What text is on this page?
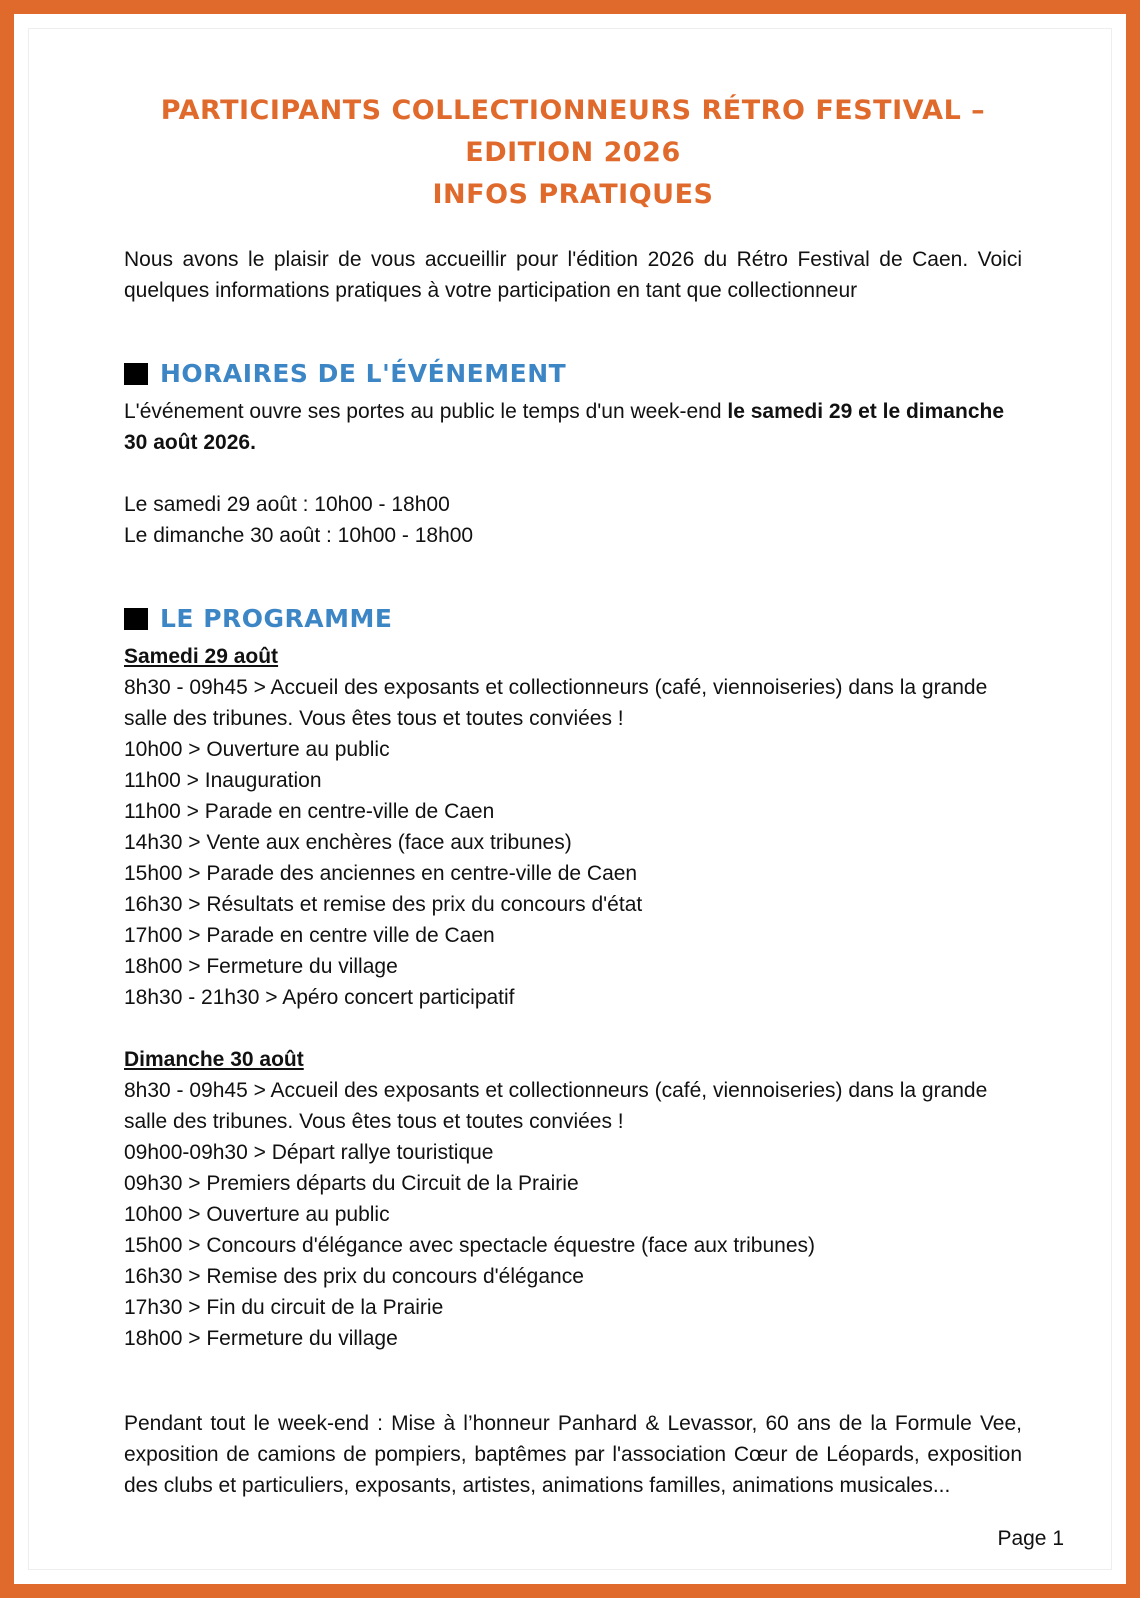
PARTICIPANTS COLLECTIONNEURS RÉTRO FESTIVAL – EDITION 2026
INFOS PRATIQUES

Nous avons le plaisir de vous accueillir pour l'édition 2026 du Rétro Festival de Caen. Voici quelques informations pratiques à votre participation en tant que collectionneur

HORAIRES DE L'ÉVÉNEMENT

L'événement ouvre ses portes au public le temps d'un week-end le samedi 29 et le dimanche 30 août 2026.

Le samedi 29 août : 10h00 - 18h00

Le dimanche 30 août : 10h00 - 18h00

LE PROGRAMME
Samedi 29 août

8h30 - 09h45 > Accueil des exposants et collectionneurs (café, viennoiseries) dans la grande salle des tribunes. Vous êtes tous et toutes conviées !

10h00 > Ouverture au public

11h00 > Inauguration

11h00 > Parade en centre-ville de Caen

14h30 > Vente aux enchères (face aux tribunes)

15h00 > Parade des anciennes en centre-ville de Caen

16h30 > Résultats et remise des prix du concours d'état

17h00 > Parade en centre ville de Caen

18h00 > Fermeture du village

18h30 - 21h30 > Apéro concert participatif

Dimanche 30 août

8h30 - 09h45 > Accueil des exposants et collectionneurs (café, viennoiseries) dans la grande salle des tribunes. Vous êtes tous et toutes conviées !

09h00-09h30 > Départ rallye touristique

09h30 > Premiers départs du Circuit de la Prairie

10h00 > Ouverture au public

15h00 > Concours d'élégance avec spectacle équestre (face aux tribunes)

16h30 > Remise des prix du concours d'élégance

17h30 > Fin du circuit de la Prairie

18h00 > Fermeture du village

Pendant tout le week-end : Mise à l’honneur Panhard & Levassor, 60 ans de la Formule Vee, exposition de camions de pompiers, baptêmes par l'association Cœur de Léopards, exposition des clubs et particuliers, exposants, artistes, animations familles, animations musicales...

Page 1
